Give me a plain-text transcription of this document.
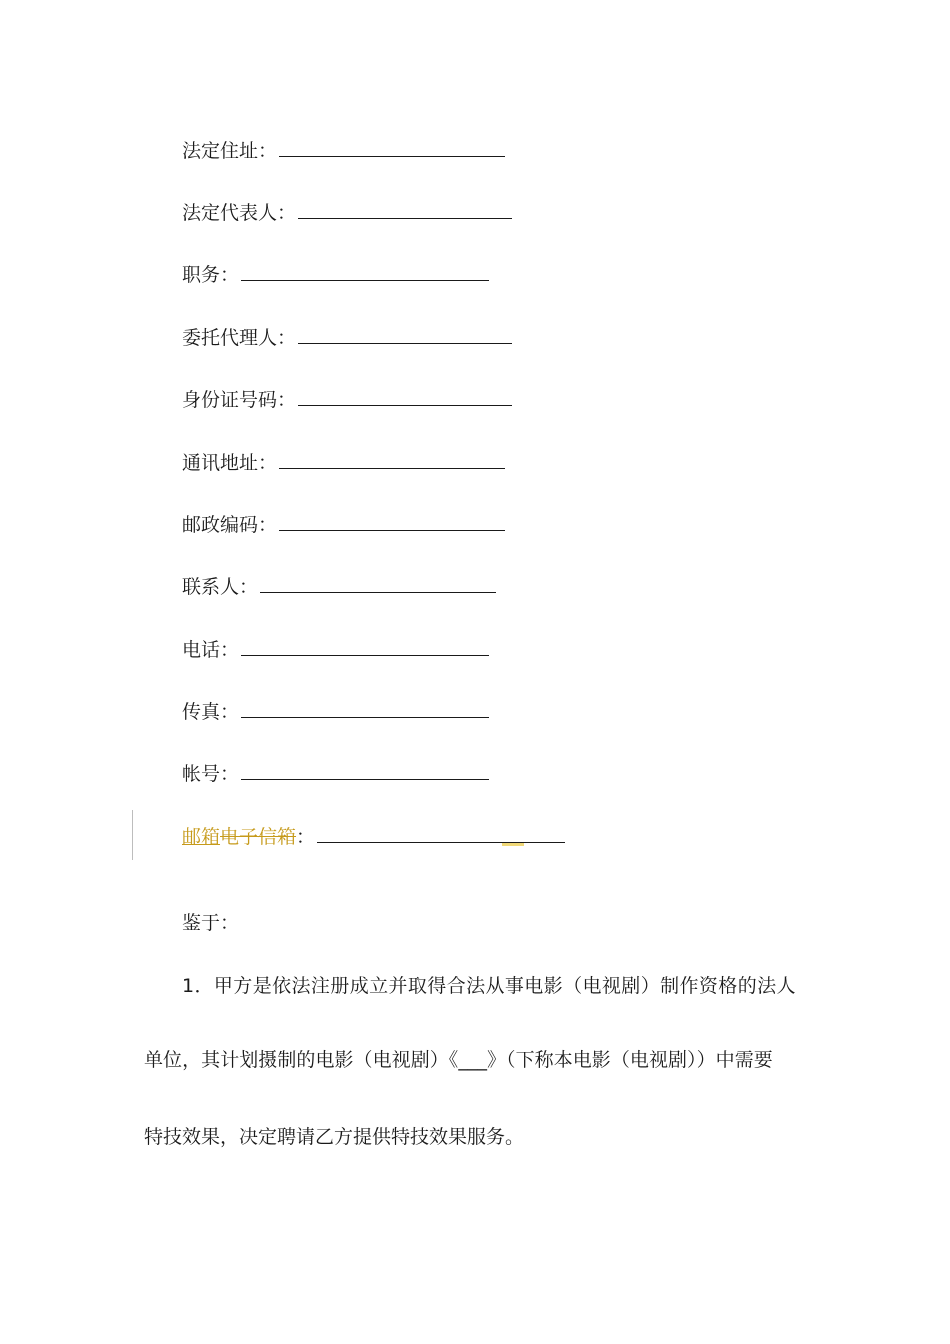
法定住址：
法定代表人：
职务：
委托代理人：
身份证号码：
通讯地址：
邮政编码：
联系人：
电话：
传真：
帐号：
邮箱电子信箱：
鉴于：
1．甲方是依法注册成立并取得合法从事电影（电视剧）制作资格的法人
单位，其计划摄制的电影（电视剧）《___》（下称本电影（电视剧））中需要
特技效果，决定聘请乙方提供特技效果服务。
